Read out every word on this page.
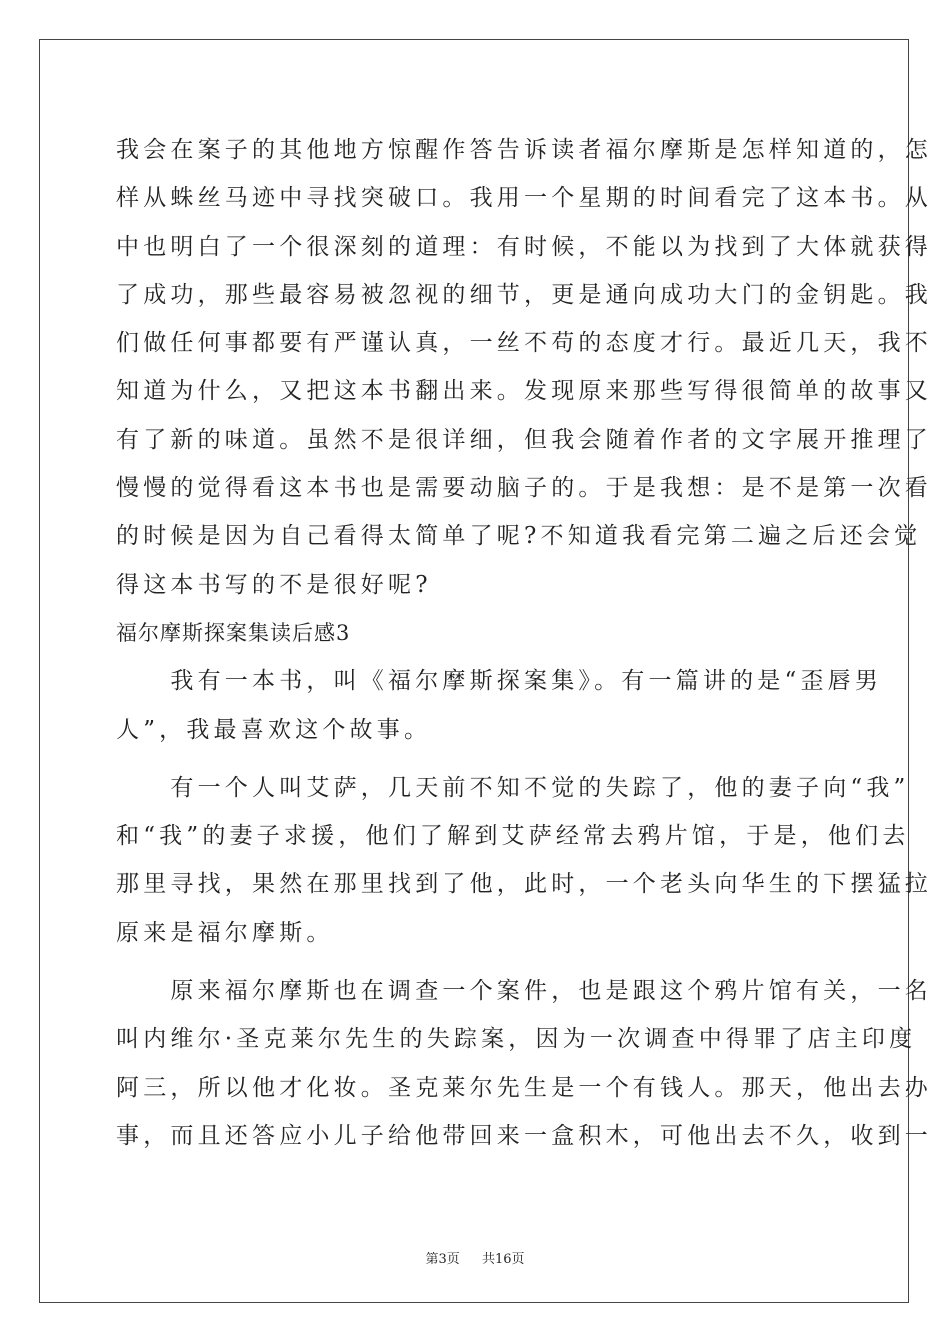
我会在案子的其他地方惊醒作答告诉读者福尔摩斯是怎样知道的，怎

样从蛛丝马迹中寻找突破口。我用一个星期的时间看完了这本书。从

中也明白了一个很深刻的道理：有时候，不能以为找到了大体就获得

了成功，那些最容易被忽视的细节，更是通向成功大门的金钥匙。我

们做任何事都要有严谨认真，一丝不苟的态度才行。最近几天，我不

知道为什么，又把这本书翻出来。发现原来那些写得很简单的故事又

有了新的味道。虽然不是很详细，但我会随着作者的文字展开推理了

慢慢的觉得看这本书也是需要动脑子的。于是我想：是不是第一次看

的时候是因为自己看得太简单了呢?不知道我看完第二遍之后还会觉

得这本书写的不是很好呢?

福尔摩斯探案集读后感3

　　我有一本书，叫《福尔摩斯探案集》。有一篇讲的是“歪唇男

人”，我最喜欢这个故事。

　　有一个人叫艾萨，几天前不知不觉的失踪了，他的妻子向“我”

和“我”的妻子求援，他们了解到艾萨经常去鸦片馆，于是，他们去

那里寻找，果然在那里找到了他，此时，一个老头向华生的下摆猛拉

原来是福尔摩斯。

　　原来福尔摩斯也在调查一个案件，也是跟这个鸦片馆有关，一名

叫内维尔·圣克莱尔先生的失踪案，因为一次调查中得罪了店主印度

阿三，所以他才化妆。圣克莱尔先生是一个有钱人。那天，他出去办

事，而且还答应小儿子给他带回来一盒积木，可他出去不久，收到一

第3页 共16页
